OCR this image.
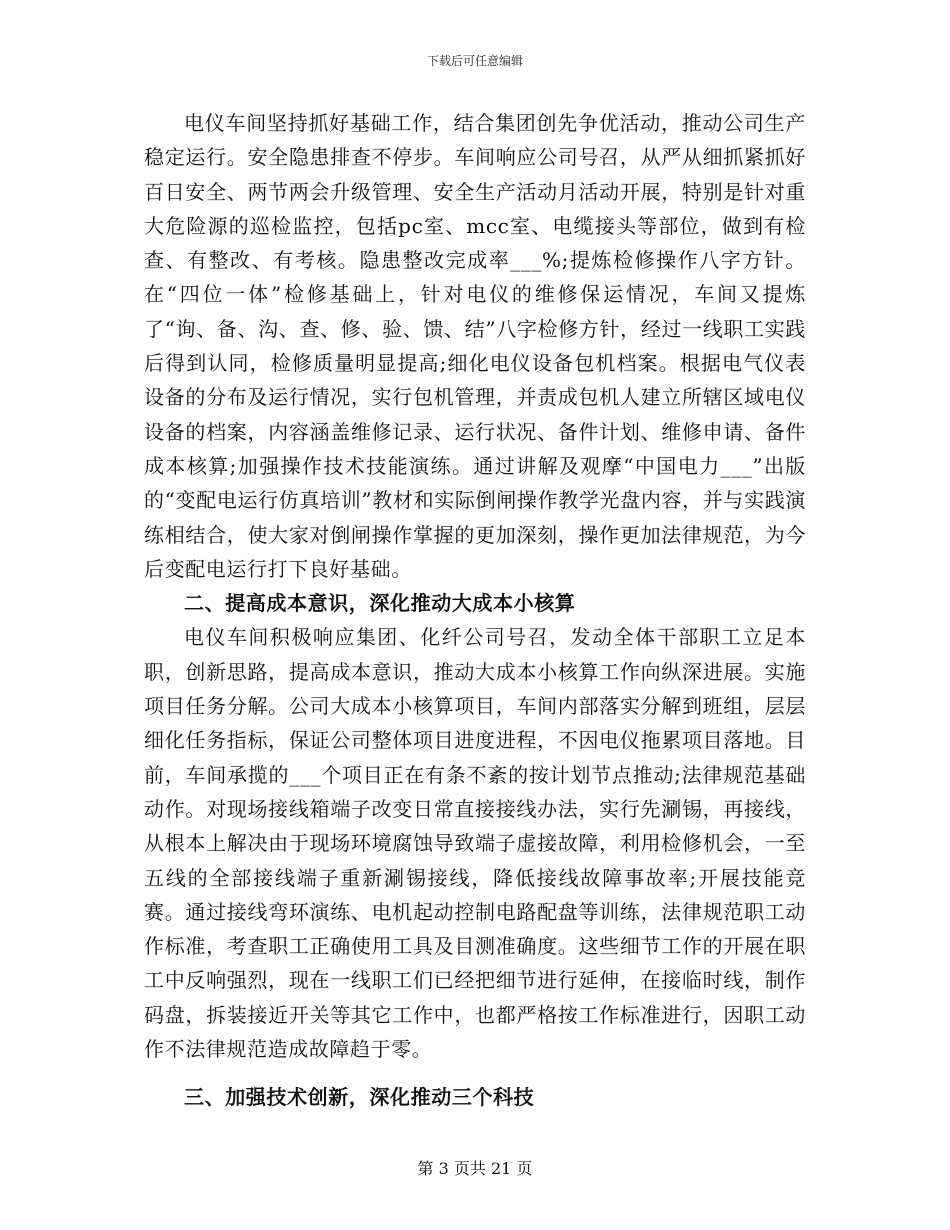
下载后可任意编辑

电仪车间坚持抓好基础工作，结合集团创先争优活动，推动公司生产稳定运行。安全隐患排查不停步。车间响应公司号召，从严从细抓紧抓好百日安全、两节两会升级管理、安全生产活动月活动开展，特别是针对重大危险源的巡检监控，包括pc室、mcc室、电缆接头等部位，做到有检查、有整改、有考核。隐患整改完成率___%;提炼检修操作八字方针。在“四位一体”检修基础上，针对电仪的维修保运情况，车间又提炼了“询、备、沟、查、修、验、馈、结”八字检修方针，经过一线职工实践后得到认同，检修质量明显提高;细化电仪设备包机档案。根据电气仪表设备的分布及运行情况，实行包机管理，并责成包机人建立所辖区域电仪设备的档案，内容涵盖维修记录、运行状况、备件计划、维修申请、备件成本核算;加强操作技术技能演练。通过讲解及观摩“中国电力___”出版的“变配电运行仿真培训”教材和实际倒闸操作教学光盘内容，并与实践演练相结合，使大家对倒闸操作掌握的更加深刻，操作更加法律规范，为今后变配电运行打下良好基础。

二、提高成本意识，深化推动大成本小核算

电仪车间积极响应集团、化纤公司号召，发动全体干部职工立足本职，创新思路，提高成本意识，推动大成本小核算工作向纵深进展。实施项目任务分解。公司大成本小核算项目，车间内部落实分解到班组，层层细化任务指标，保证公司整体项目进度进程，不因电仪拖累项目落地。目前，车间承揽的___个项目正在有条不紊的按计划节点推动;法律规范基础动作。对现场接线箱端子改变日常直接接线办法，实行先涮锡，再接线，从根本上解决由于现场环境腐蚀导致端子虚接故障，利用检修机会，一至五线的全部接线端子重新涮锡接线，降低接线故障事故率;开展技能竞赛。通过接线弯环演练、电机起动控制电路配盘等训练，法律规范职工动作标准，考查职工正确使用工具及目测准确度。这些细节工作的开展在职工中反响强烈，现在一线职工们已经把细节进行延伸，在接临时线，制作码盘，拆装接近开关等其它工作中，也都严格按工作标准进行，因职工动作不法律规范造成故障趋于零。

三、加强技术创新，深化推动三个科技

第 3 页共 21 页
